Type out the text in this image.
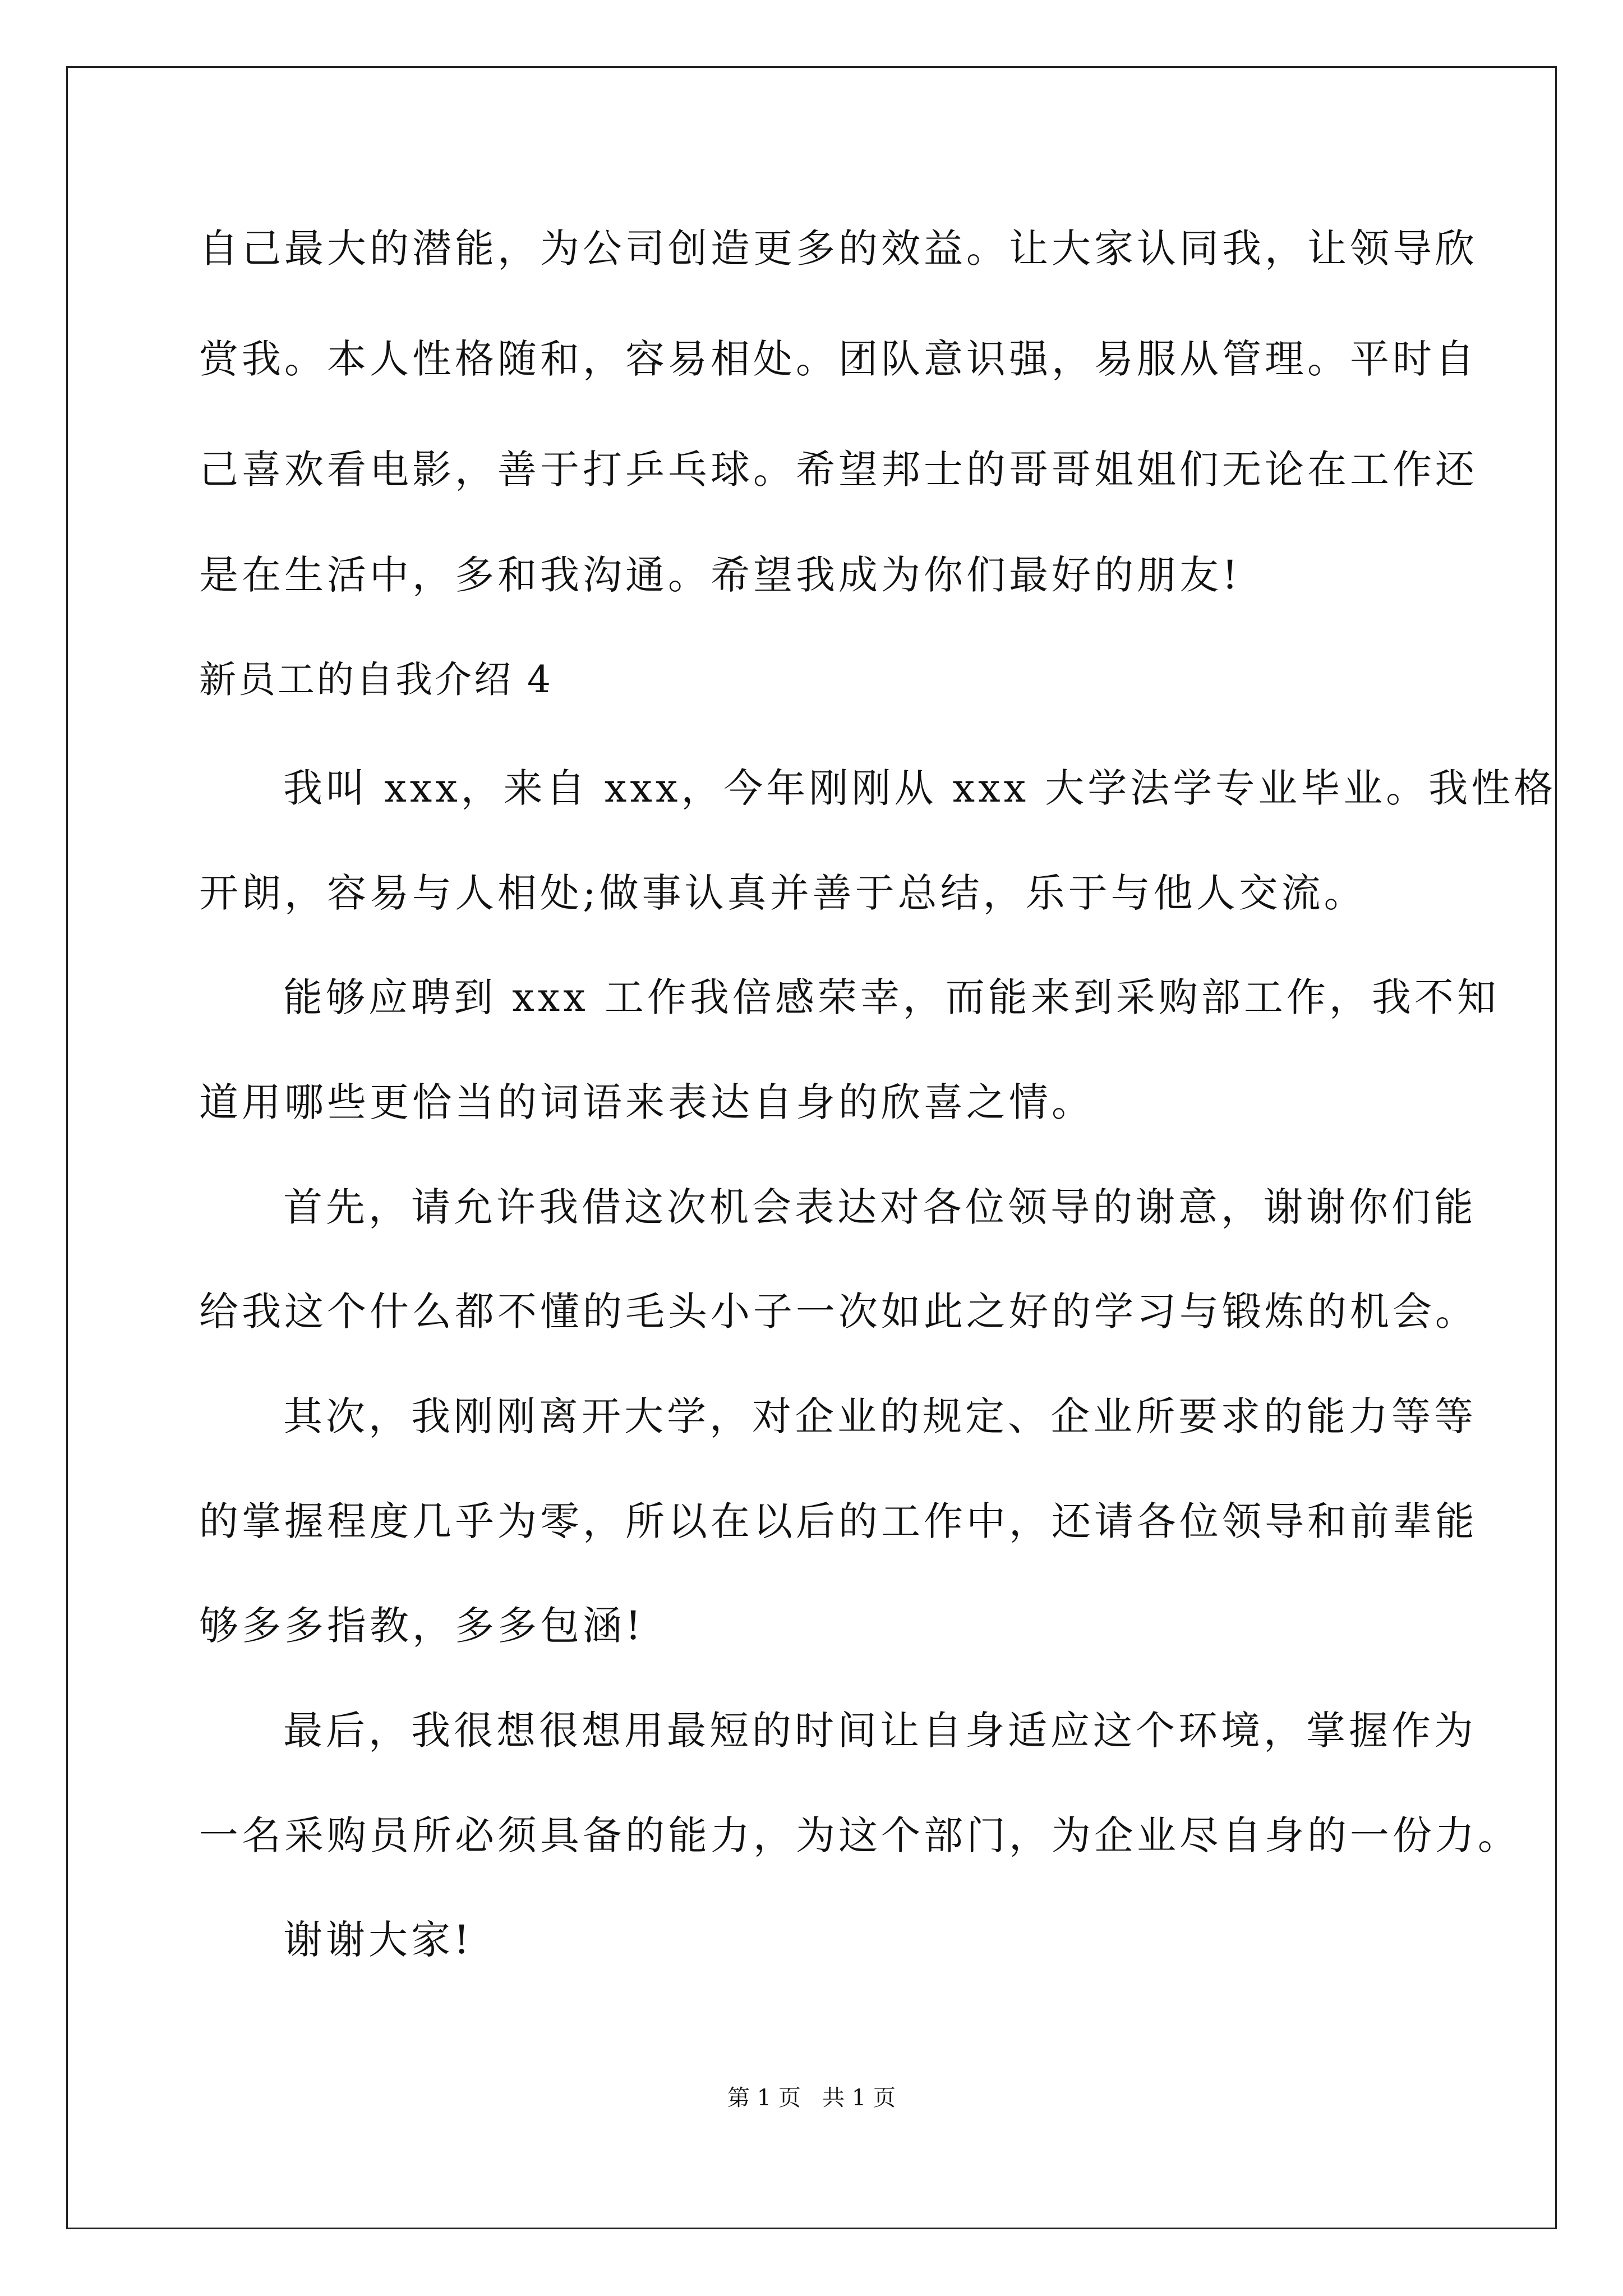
自己最大的潜能，为公司创造更多的效益。让大家认同我，让领导欣
赏我。本人性格随和，容易相处。团队意识强，易服从管理。平时自
己喜欢看电影，善于打乒乓球。希望邦士的哥哥姐姐们无论在工作还
是在生活中，多和我沟通。希望我成为你们最好的朋友!
新员工的自我介绍 4
我叫 xxx，来自 xxx，今年刚刚从 xxx 大学法学专业毕业。我性格
开朗，容易与人相处;做事认真并善于总结，乐于与他人交流。
能够应聘到 xxx 工作我倍感荣幸，而能来到采购部工作，我不知
道用哪些更恰当的词语来表达自身的欣喜之情。
首先，请允许我借这次机会表达对各位领导的谢意，谢谢你们能
给我这个什么都不懂的毛头小子一次如此之好的学习与锻炼的机会。
其次，我刚刚离开大学，对企业的规定、企业所要求的能力等等
的掌握程度几乎为零，所以在以后的工作中，还请各位领导和前辈能
够多多指教，多多包涵!
最后，我很想很想用最短的时间让自身适应这个环境，掌握作为
一名采购员所必须具备的能力，为这个部门，为企业尽自身的一份力。
谢谢大家!
第 1 页   共 1 页
